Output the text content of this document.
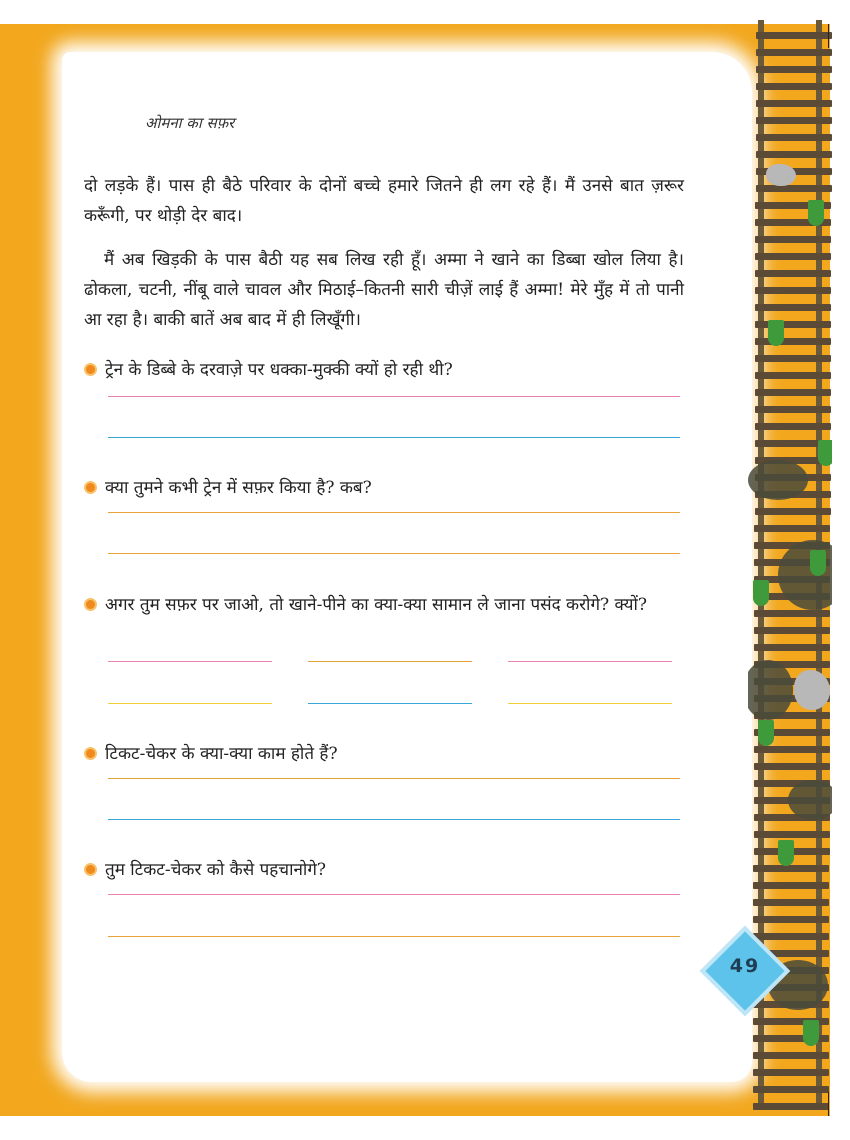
ओमना का सफ़र

दो लड़के हैं। पास ही बैठे परिवार के दोनों बच्चे हमारे जितने ही लग रहे हैं। मैं उनसे बात ज़रूर करूँगी, पर थोड़ी देर बाद।

मैं अब खिड़की के पास बैठी यह सब लिख रही हूँ। अम्मा ने खाने का डिब्बा खोल लिया है। ढोकला, चटनी, नींबू वाले चावल और मिठाई–कितनी सारी चीज़ें लाई हैं अम्मा! मेरे मुँह में तो पानी आ रहा है। बाकी बातें अब बाद में ही लिखूँगी।

ट्रेन के डिब्बे के दरवाज़े पर धक्का-मुक्की क्यों हो रही थी?
क्या तुमने कभी ट्रेन में सफ़र किया है? कब?
अगर तुम सफ़र पर जाओ, तो खाने-पीने का क्या-क्या सामान ले जाना पसंद करोगे? क्यों?
टिकट-चेकर के क्या-क्या काम होते हैं?
तुम टिकट-चेकर को कैसे पहचानोगे?
49
